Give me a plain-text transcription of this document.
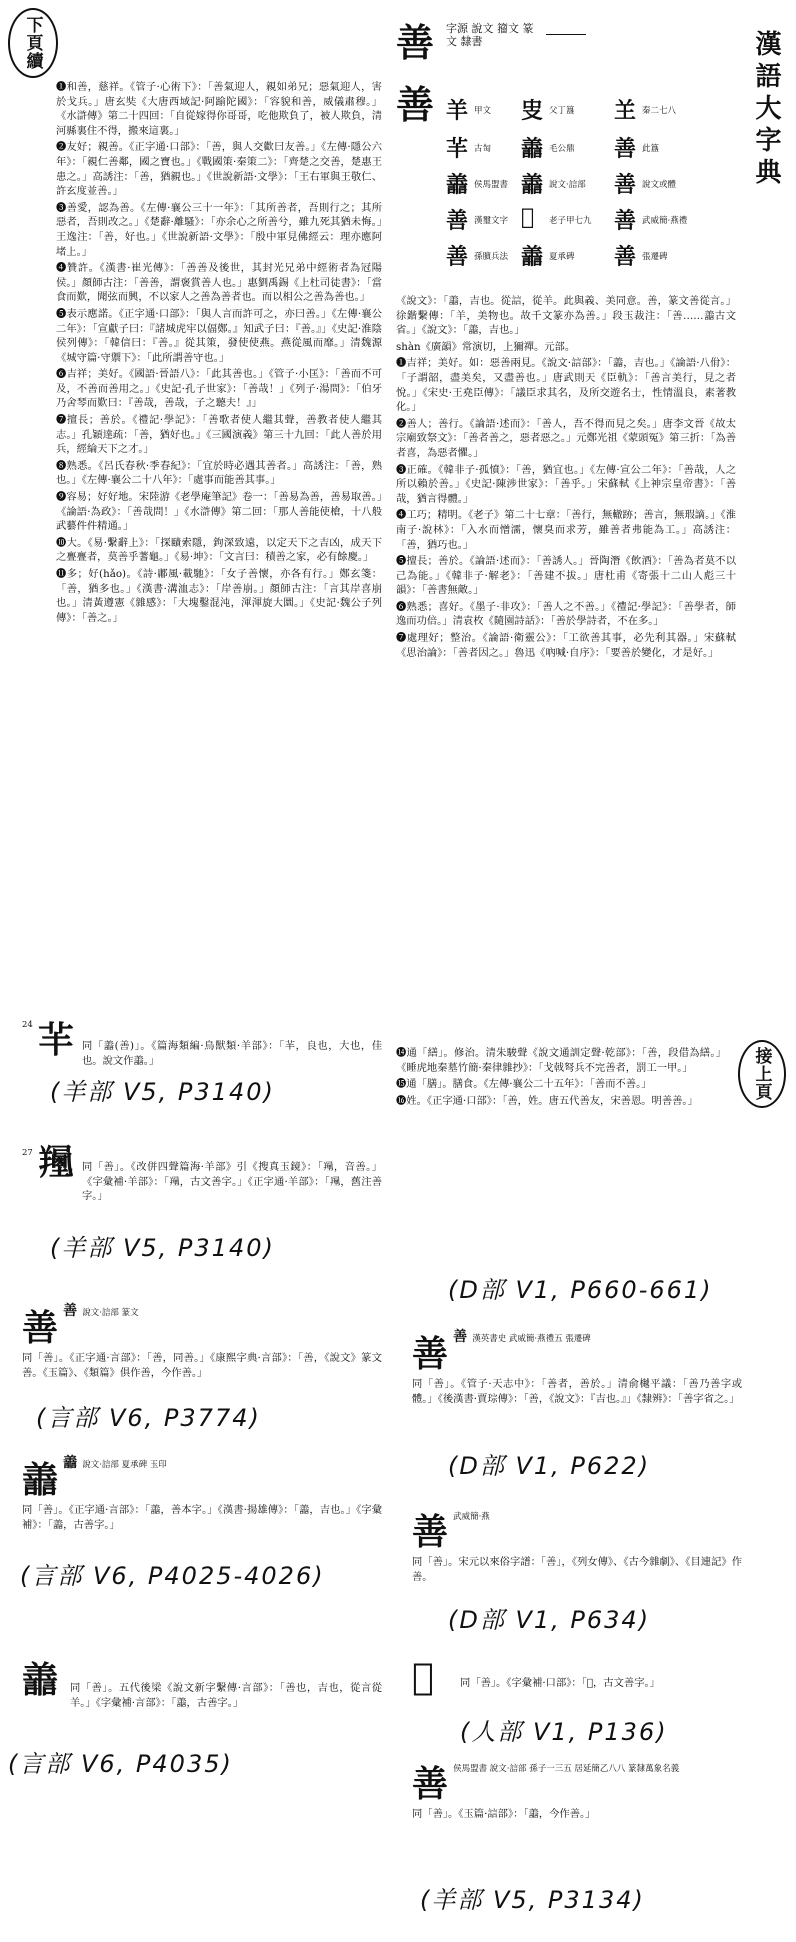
下頁續	漢語大字典
善
善
字源 說文 籀文 篆文 隸書
羊 甲文 㕜 父丁簋 𦍌 秦二七八
𦍋 古匋 譱 毛公鼎 善 此簋
譱 侯馬盟書 譱 說文·誩部 善 說文或體
善 漢璽文字 𦎫 老子甲七九 善 武威簡·燕禮
善 孫臏兵法 譱 夏承碑 善 張遷碑

❶和善，慈祥。《管子·心術下》：「善氣迎人，親如弟兄；惡氣迎人，害於戈兵。」唐玄奘《大唐西域記·阿踰陀國》：「容貌和善，威儀肅穆。」《水滸傳》第二十四回：「自從嫁得你哥哥，吃他欺負了，被人欺負，清河縣裏住不得，搬來這裏。」

❷友好；親善。《正字通·口部》：「善，與人交歡曰友善。」《左傳·隱公六年》：「親仁善鄰，國之寶也。」《戰國策·秦策二》：「齊楚之交善，楚惠王患之。」高誘注：「善，猶親也。」《世說新語·文學》：「王右軍與王敬仁、許玄度並善。」

❸善愛，認為善。《左傳·襄公三十一年》：「其所善者，吾則行之；其所惡者，吾則改之。」《楚辭·離騷》：「亦余心之所善兮，雖九死其猶未悔。」王逸注：「善，好也。」《世說新語·文學》：「殷中軍見佛經云：理亦應阿堵上。」

❹贊許。《漢書·崔光傳》：「善善及後世，其封光兄弟中經術者為冠陽侯。」顏師古注：「善善，謂褒賞善人也。」惠劉禹錫《上杜司徒書》：「當食而歎，聞弦而興，不以家人之善為善者也。而以相公之善為善也。」

❺表示應諾。《正字通·口部》：「與人言而許可之，亦曰善。」《左傳·襄公二年》：「宣獻子曰：『諸城虎牢以偪鄭。』知武子曰：『善。』」《史記·淮陰侯列傳》：「韓信曰：『善。』從其策，發使使燕。燕從風而靡。」清魏源《城守篇·守禦下》：「此所謂善守也。」

❻吉祥；美好。《國語·晉語八》：「此其善也。」《管子·小匡》：「善而不可及，不善而善用之。」《史記·孔子世家》：「善哉！」《列子·湯問》：「伯牙乃舍琴而歎曰：『善哉，善哉，子之聽夫！』」

❼擅長；善於。《禮記·學記》：「善歌者使人繼其聲，善教者使人繼其志。」孔穎達疏：「善，猶好也。」《三國演義》第三十九回：「此人善於用兵，經綸天下之才。」

❽熟悉。《呂氏春秋·季春紀》：「宜於時必遇其善者。」高誘注：「善，熟也。」《左傳·襄公二十八年》：「處事而能善其事。」

❾容易；好好地。宋陸游《老學庵筆記》卷一：「善易為善，善易取善。」《論語·為政》：「善哉問！」《水滸傳》第二回：「那人善能使槍，十八般武藝件件精通。」

❿大。《易·繫辭上》：「探賾索隱，鉤深致遠，以定天下之吉凶，成天下之亹亹者，莫善乎蓍龜。」《易·坤》：「文言曰：積善之家，必有餘慶。」

⓫多；好(hǎo)。《詩·鄘風·載馳》：「女子善懷，亦各有行。」鄭玄箋：「善，猶多也。」《漢書·溝洫志》：「岸善崩。」顏師古注：「言其岸喜崩也。」清黃遵憲《雜感》：「大塊鑿混沌，渾渾旋大圜。」《史記·魏公子列傳》：「善之。」

《說文》：「譱，吉也。從誩，從羊。此與義、美同意。善，篆文善從言。」徐鍇繫傳：「羊，美物也。故千文篆亦為善。」段玉裁注：「善……譱古文省。」《說文》：「譱，吉也。」

shàn《廣韻》常演切，上獮禪。元部。

❶吉祥；美好。如：惡善兩見。《說文·誩部》：「譱，吉也。」《論語·八佾》：「子謂韶，盡美矣，又盡善也。」唐武則天《臣軌》：「善言美行，見之者悅。」《宋史·王堯臣傳》：「議臣求其名，及所交遊名士，性情溫良，素著教化。」

❷善人；善行。《論語·述而》：「善人，吾不得而見之矣。」唐李文晉《故太宗廟致祭文》：「善者善之，惡者惡之。」元鄭光祖《蒙頭冤》第三折：「為善者喜，為惡者懼。」

❸正確。《韓非子·孤憤》：「善，猶宜也。」《左傳·宣公二年》：「善哉，人之所以賴於善。」《史記·陳涉世家》：「善乎。」宋蘇軾《上神宗皇帝書》：「善哉，猶言得體。」

❹工巧；精明。《老子》第二十七章：「善行，無轍跡；善言，無瑕謫。」《淮南子·說林》：「入水而憎濡，懷臭而求芳，雖善者弗能為工。」高誘注：「善，猶巧也。」

❺擅長；善於。《論語·述而》：「善誘人。」晉陶潛《飲酒》：「善為者莫不以己為能。」《韓非子·解老》：「善建不拔。」唐杜甫《寄張十二山人彪三十韻》：「善書無敵。」

❻熟悉；喜好。《墨子·非攻》：「善人之不善。」《禮記·學記》：「善學者，師逸而功倍。」清袁枚《隨園詩話》：「善於學詩者，不在多。」

❼處理好；整治。《論語·衛靈公》：「工欲善其事，必先利其器。」宋蘇軾《思治論》：「善者因之。」魯迅《吶喊·自序》：「要善於變化，才是好。」

接上頁

⓮通「繕」。修治。清朱駿聲《說文通訓定聲·乾部》：「善，段借為繕。」《睡虎地秦墓竹簡·秦律雜抄》：「戈戟弩兵不完善者，罰工一甲。」

⓯通「膳」。膳食。《左傳·襄公二十五年》：「善而不善。」

⓰姓。《正字通·口部》：「善，姓。唐五代善友，宋善恩。明善善。」

(D部 V1, P660-661)
24 𦍋 同「譱(善)」。《篇海類編·鳥獸類·羊部》：「𦍋，良也，大也，佳也。說文作譱。」

(羊部 V5, P3140)
27 𦏍 同「善」。《改併四聲篇海·羊部》引《搜真玉鏡》：「𦏍，音善。」《字彙補·羊部》：「𦏍，古文善字。」《正字通·羊部》：「𦏍，舊注善字。」

(羊部 V5, P3140)
善 善 說文·誩部 篆文

同「善」。《正字通·言部》：「善，同善。」《康熙字典·言部》：「善，《說文》篆文善。《玉篇》、《類篇》俱作善，今作善。」

(言部 V6, P3774)
譱 譱 說文·誩部 夏承碑 玉印

同「善」。《正字通·言部》：「譱，善本字。」《漢書·揚雄傳》：「譱，吉也。」《字彙補》：「譱，古善字。」

(言部 V6, P4025-4026)
譱	同「善」。五代後梁《說文新字繫傳·言部》：「善也，吉也，從言從羊。」《字彙補·言部》：「譱，古善字。」

(言部 V6, P4035)
善 善 漢英書史 武威簡·燕禮五 張遷碑

同「善」。《管子·天志中》：「善者，善於。」清俞樾平議：「善乃善字或體。」《後漢書·賈琮傳》：「善，《說文》：『吉也。』」《隸辨》：「善字省之。」

(D部 V1, P622)
善 武威簡·燕

同「善」。宋元以來俗字譜：「善」，《列女傳》、《古今雜劇》、《目連記》作善。

(D部 V1, P634)
𠉅	同「善」。《字彙補·口部》：「𠉅，古文善字。」

(人部 V1, P136)
善 侯馬盟書 說文·誩部 孫子一三五 居延簡乙八八 篆隸萬象名義

同「善」。《玉篇·誩部》：「譱，今作善。」

(羊部 V5, P3134)
